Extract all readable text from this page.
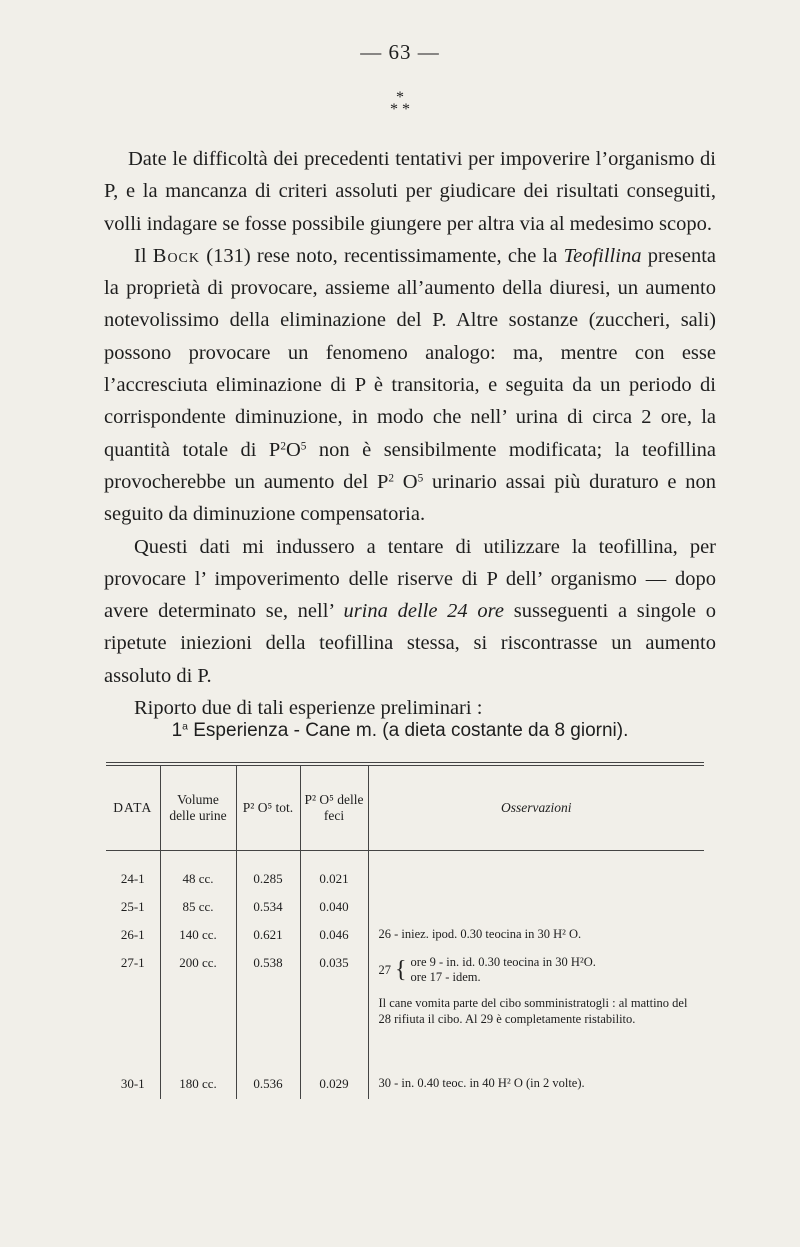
— 63 —
*
* *

Date le difficoltà dei precedenti tentativi per impoverire l’organismo di P, e la mancanza di criteri assoluti per giudicare dei risultati conseguiti, volli indagare se fosse possibile giungere per altra via al medesimo scopo.

Il Bock (131) rese noto, recentissimamente, che la Teofillina presenta la proprietà di provocare, assieme all’aumento della diuresi, un aumento notevolissimo della eliminazione del P. Altre sostanze (zuccheri, sali) possono provocare un fenomeno analogo: ma, mentre con esse l’accresciuta eliminazione di P è transitoria, e seguita da un periodo di corrispondente diminuzione, in modo che nell’ urina di circa 2 ore, la quantità totale di $P^2O^5$ non è sensibilmente modificata; la teofillina provocherebbe un aumento del $P^2$ $O^5$ urinario assai più duraturo e non seguito da diminuzione compensatoria.

Questi dati mi indussero a tentare di utilizzare la teofillina, per provocare l’ impoverimento delle riserve di P dell’ organismo — dopo avere determinato se, nell’ urina delle 24 ore susseguenti a singole o ripetute iniezioni della teofillina stessa, si riscontrasse un aumento assoluto di P.

Riporto due di tali esperienze preliminari :

1$^a$ Esperienza - Cane m. (a dieta costante da 8 giorni).
DATA	Volume delle urine	P² O⁵ tot.	P² O⁵ delle feci	Osservazioni
24-1	48 cc.	0.285	0.021	
25-1	85 cc.	0.534	0.040	
26-1	140 cc.	0.621	0.046	26 - iniez. ipod. 0.30 teocina in 30 H² O.
27-1	200 cc.	0.538	0.035	27 { ore 9 - in. id. 0.30 teocina in 30 H²O.
ore 17 - idem.
Il cane vomita parte del cibo somministratogli : al mattino del 28 rifiuta il cibo. Al 29 è completamente ristabilito.

30-1	180 cc.	0.536	0.029	30 - in. 0.40 teoc. in 40 H² O (in 2 volte).
